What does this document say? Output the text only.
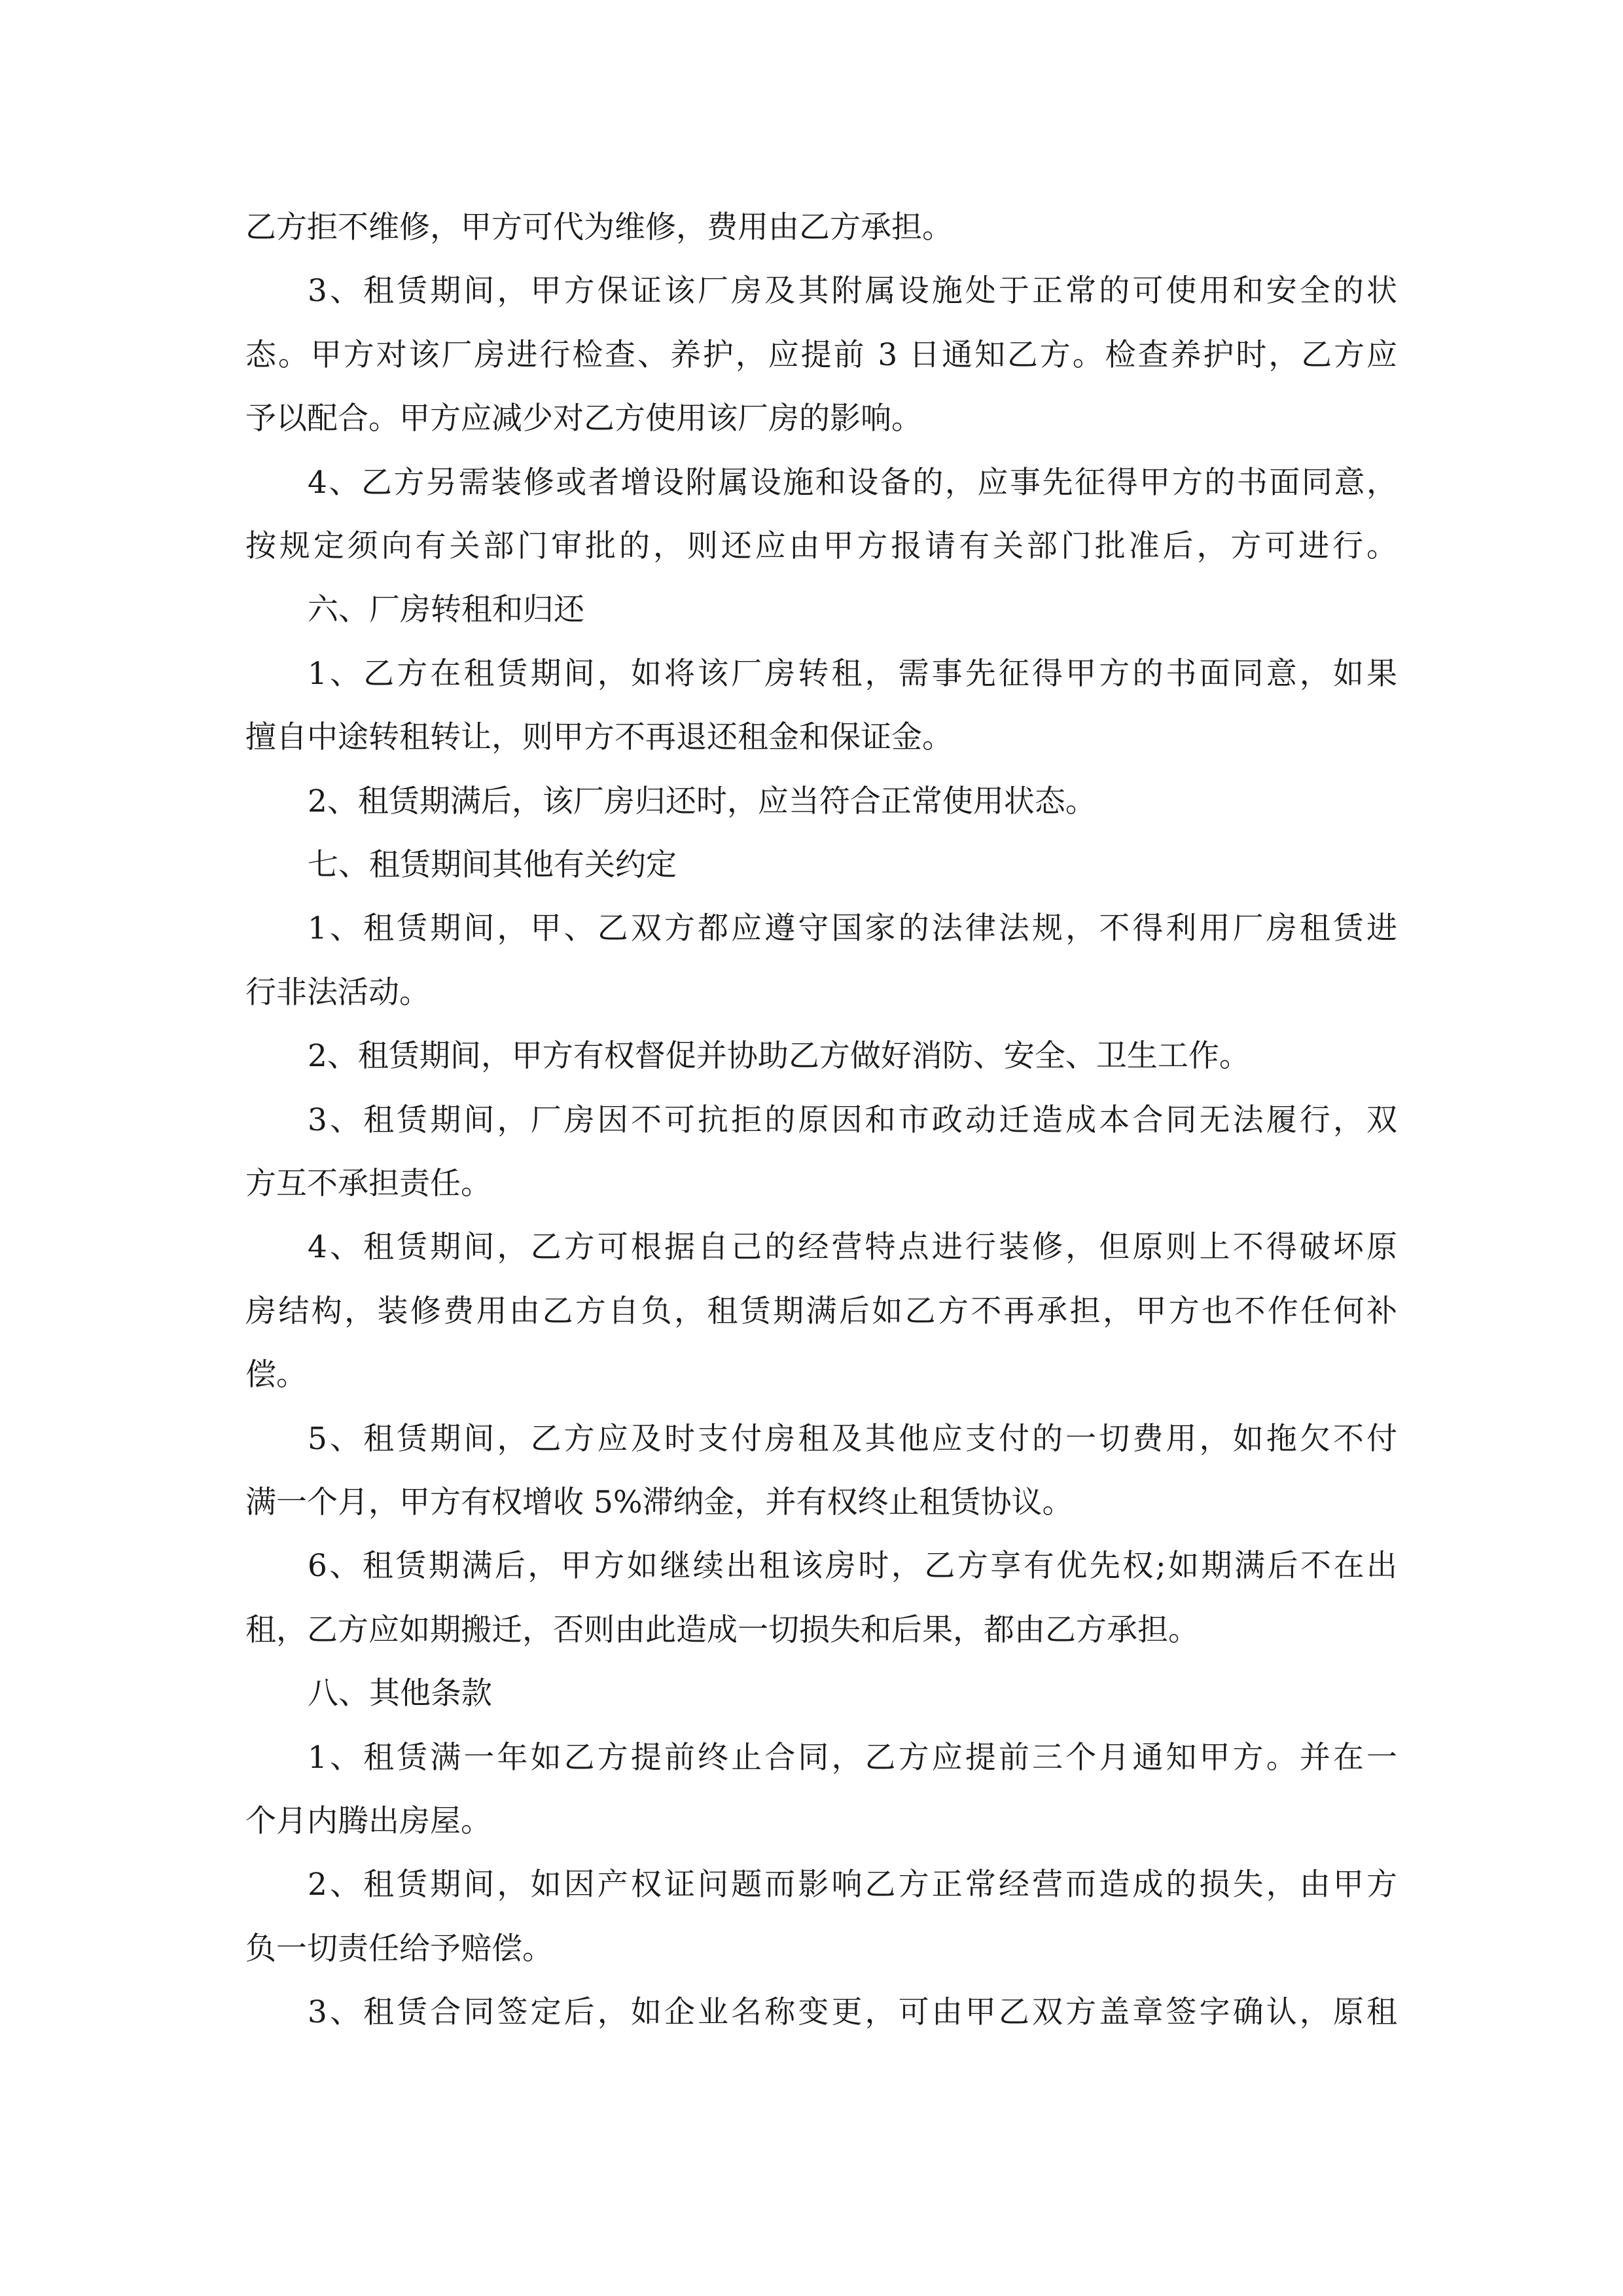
乙方拒不维修，甲方可代为维修，费用由乙方承担。
3、租赁期间，甲方保证该厂房及其附属设施处于正常的可使用和安全的状
态。甲方对该厂房进行检查、养护，应提前 3 日通知乙方。检查养护时，乙方应
予以配合。甲方应减少对乙方使用该厂房的影响。
4、乙方另需装修或者增设附属设施和设备的，应事先征得甲方的书面同意，
按规定须向有关部门审批的，则还应由甲方报请有关部门批准后，方可进行。
六、厂房转租和归还
1、乙方在租赁期间，如将该厂房转租，需事先征得甲方的书面同意，如果
擅自中途转租转让，则甲方不再退还租金和保证金。
2、租赁期满后，该厂房归还时，应当符合正常使用状态。
七、租赁期间其他有关约定
1、租赁期间，甲、乙双方都应遵守国家的法律法规，不得利用厂房租赁进
行非法活动。
2、租赁期间，甲方有权督促并协助乙方做好消防、安全、卫生工作。
3、租赁期间，厂房因不可抗拒的原因和市政动迁造成本合同无法履行，双
方互不承担责任。
4、租赁期间，乙方可根据自己的经营特点进行装修，但原则上不得破坏原
房结构，装修费用由乙方自负，租赁期满后如乙方不再承担，甲方也不作任何补
偿。
5、租赁期间，乙方应及时支付房租及其他应支付的一切费用，如拖欠不付
满一个月，甲方有权增收 5%滞纳金，并有权终止租赁协议。
6、租赁期满后，甲方如继续出租该房时，乙方享有优先权;如期满后不在出
租，乙方应如期搬迁，否则由此造成一切损失和后果，都由乙方承担。
八、其他条款
1、租赁满一年如乙方提前终止合同，乙方应提前三个月通知甲方。并在一
个月内腾出房屋。
2、租赁期间，如因产权证问题而影响乙方正常经营而造成的损失，由甲方
负一切责任给予赔偿。
3、租赁合同签定后，如企业名称变更，可由甲乙双方盖章签字确认，原租
